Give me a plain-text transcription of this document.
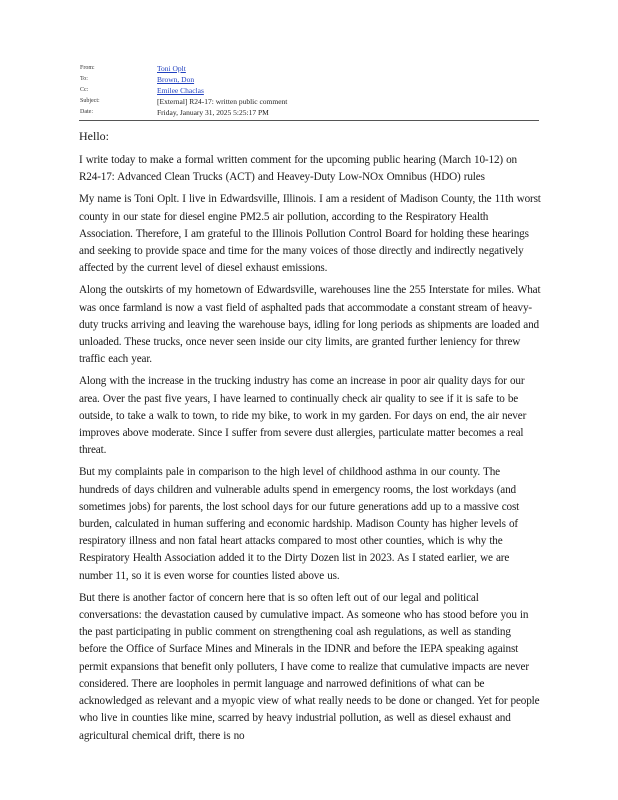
From:	Toni Oplt
To:	Brown, Don
Cc:	Emilee Chaclas
Subject:	[External] R24-17: written public comment
Date:	Friday, January 31, 2025 5:25:17 PM

Hello:

I write today to make a formal written comment for the upcoming public hearing (March 10-12) on R24-17: Advanced Clean Trucks (ACT) and Heavey-Duty Low-NOx Omnibus (HDO) rules

My name is Toni Oplt. I live in Edwardsville, Illinois. I am a resident of Madison County, the 11th worst county in our state for diesel engine PM2.5 air pollution, according to the Respiratory Health Association. Therefore, I am grateful to the Illinois Pollution Control Board for holding these hearings and seeking to provide space and time for the many voices of those directly and indirectly negatively affected by the current level of diesel exhaust emissions.

Along the outskirts of my hometown of Edwardsville, warehouses line the 255 Interstate for miles. What was once farmland is now a vast field of asphalted pads that accommodate a constant stream of heavy-duty trucks arriving and leaving the warehouse bays, idling for long periods as shipments are loaded and unloaded. These trucks, once never seen inside our city limits, are granted further leniency for threw traffic each year.

Along with the increase in the trucking industry has come an increase in poor air quality days for our area. Over the past five years, I have learned to continually check air quality to see if it is safe to be outside, to take a walk to town, to ride my bike, to work in my garden. For days on end, the air never improves above moderate. Since I suffer from severe dust allergies, particulate matter becomes a real threat.

But my complaints pale in comparison to the high level of childhood asthma in our county. The hundreds of days children and vulnerable adults spend in emergency rooms, the lost workdays (and sometimes jobs) for parents, the lost school days for our future generations add up to a massive cost burden, calculated in human suffering and economic hardship. Madison County has higher levels of respiratory illness and non fatal heart attacks compared to most other counties, which is why the Respiratory Health Association added it to the Dirty Dozen list in 2023. As I stated earlier, we are number 11, so it is even worse for counties listed above us.

But there is another factor of concern here that is so often left out of our legal and political conversations: the devastation caused by cumulative impact. As someone who has stood before you in the past participating in public comment on strengthening coal ash regulations, as well as standing before the Office of Surface Mines and Minerals in the IDNR and before the IEPA speaking against permit expansions that benefit only polluters, I have come to realize that cumulative impacts are never considered. There are loopholes in permit language and narrowed definitions of what can be acknowledged as relevant and a myopic view of what really needs to be done or changed. Yet for people who live in counties like mine, scarred by heavy industrial pollution, as well as diesel exhaust and agricultural chemical drift, there is no
